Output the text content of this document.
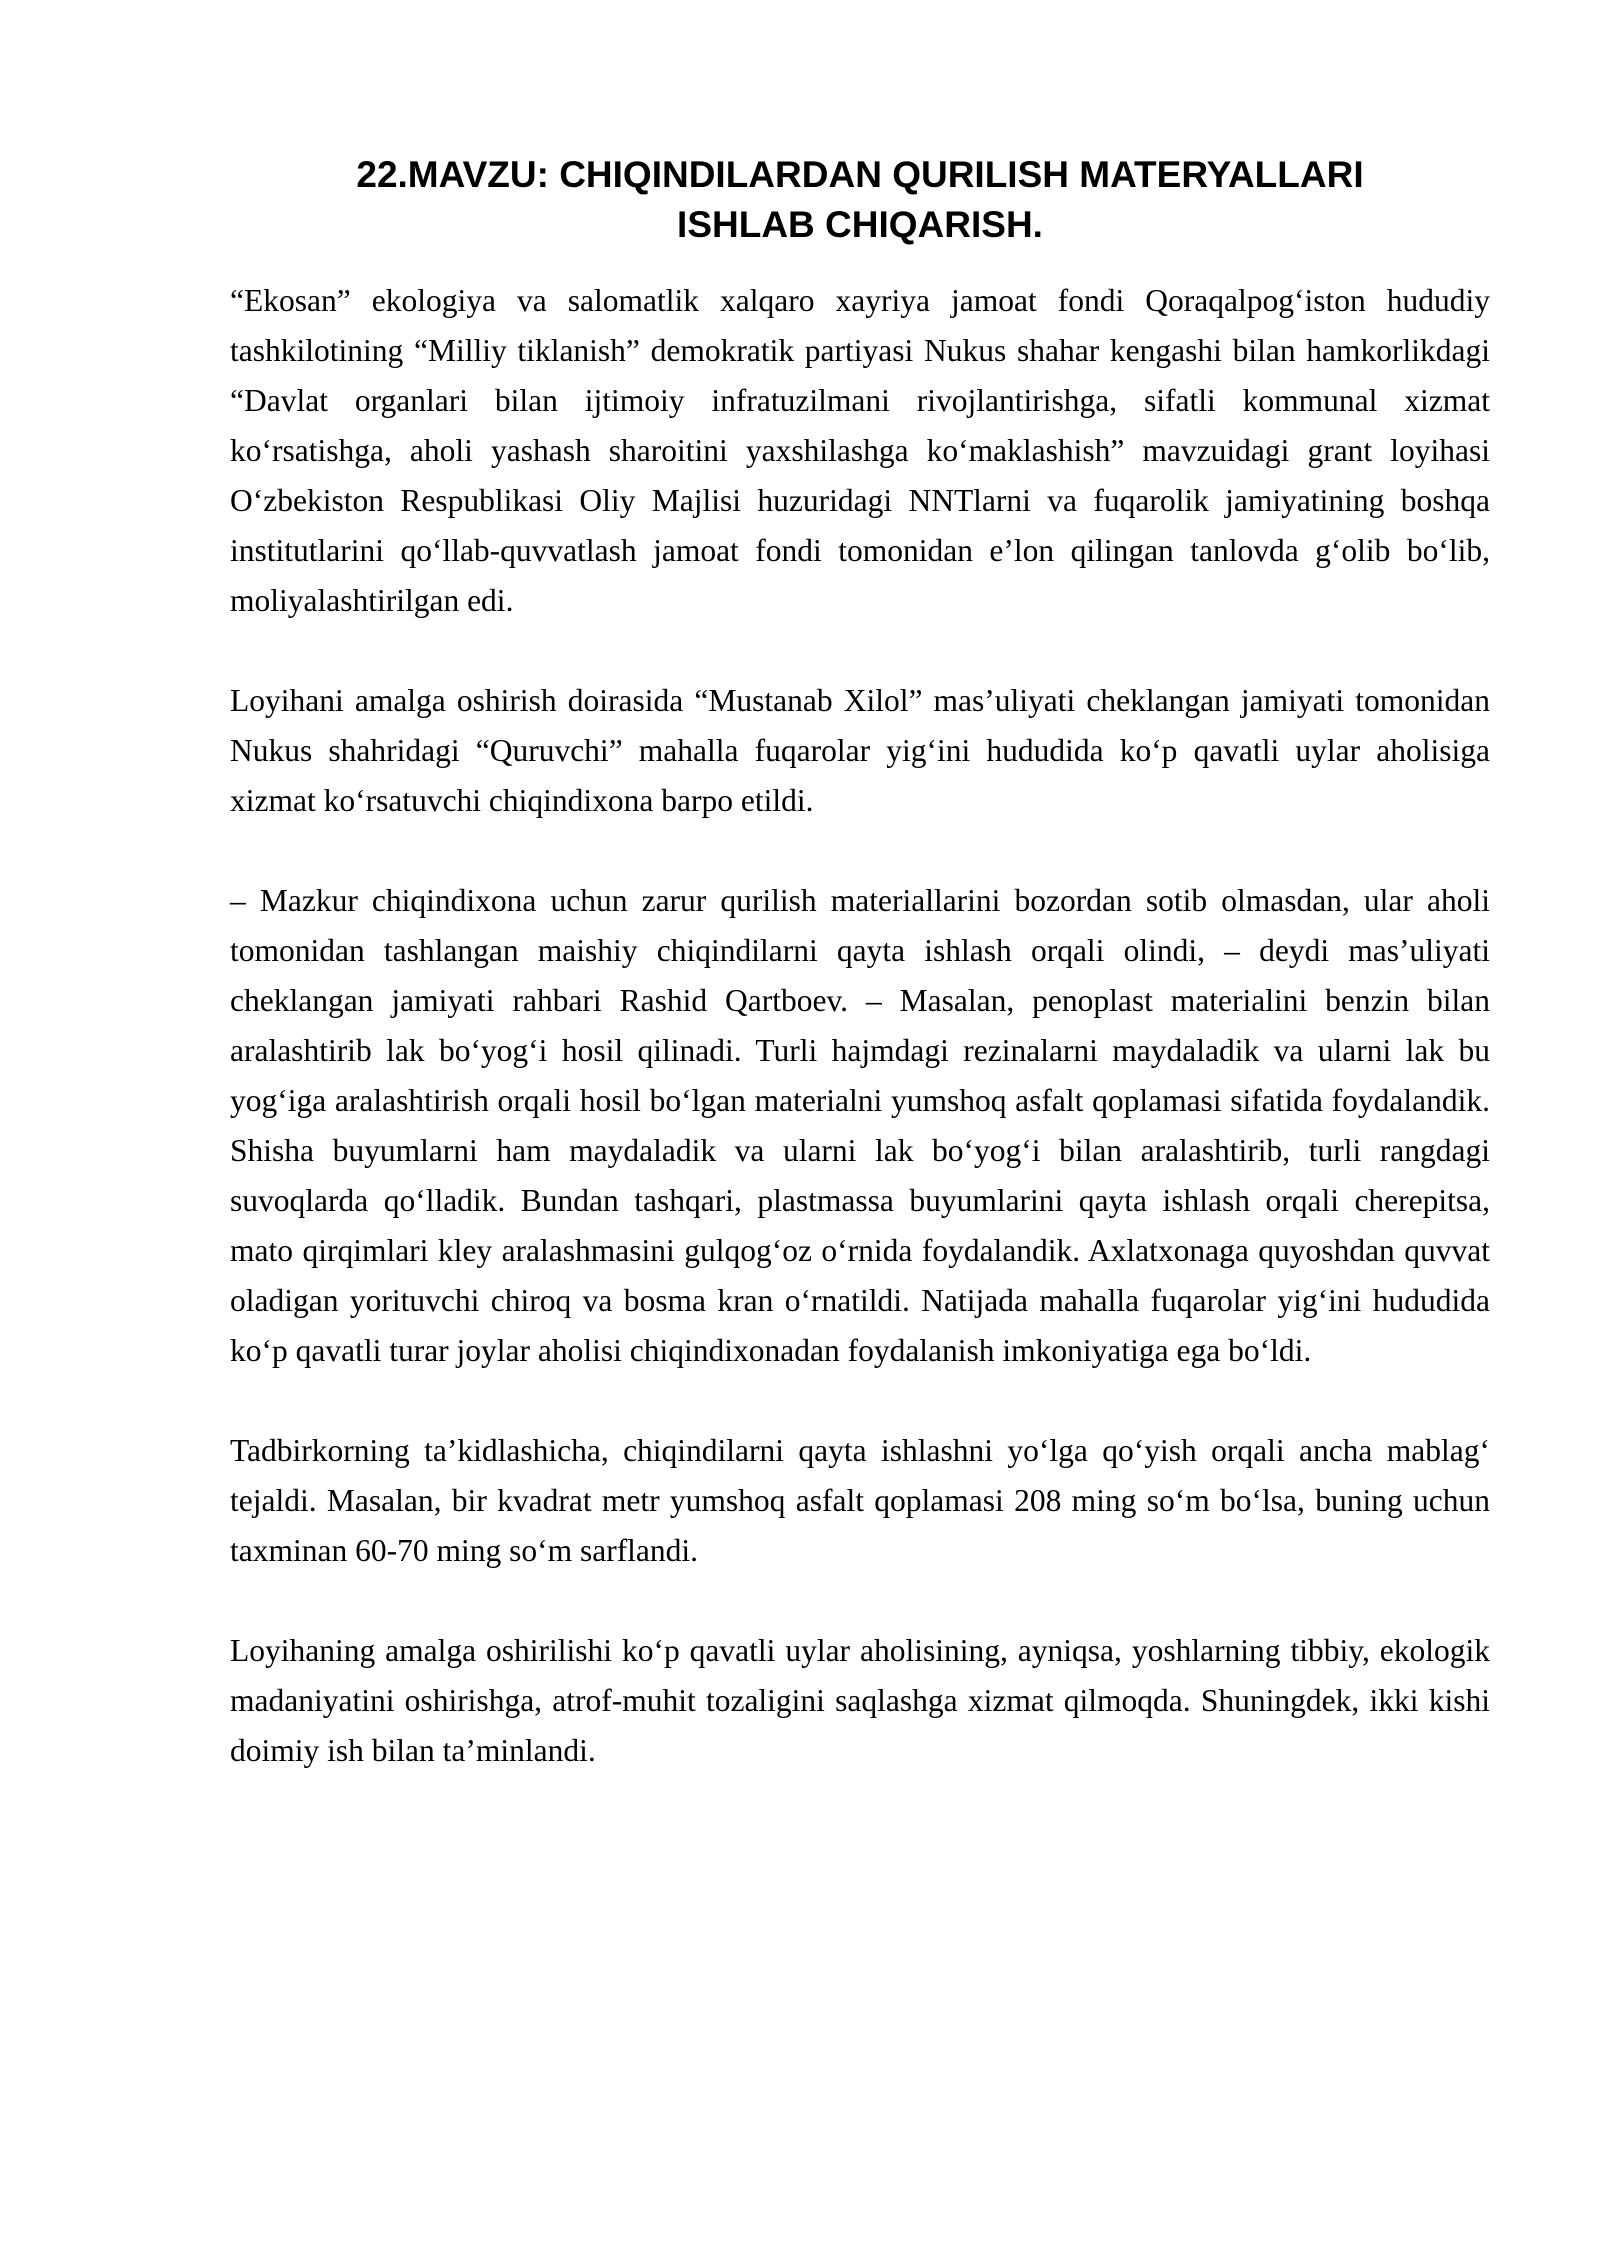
22.MAVZU: CHIQINDILARDAN QURILISH MATERYALLARI
ISHLAB CHIQARISH.

“Ekosan” ekologiya va salomatlik xalqaro xayriya jamoat fondi Qoraqalpog‘iston hududiy tashkilotining “Milliy tiklanish” demokratik partiyasi Nukus shahar kengashi bilan hamkorlikdagi “Davlat organlari bilan ijtimoiy infratuzilmani rivojlantirishga, sifatli kommunal xizmat ko‘rsatishga, aholi yashash sharoitini yaxshilashga ko‘maklashish” mavzuidagi grant loyihasi O‘zbekiston Respublikasi Oliy Majlisi huzuridagi NNTlarni va fuqarolik jamiyatining boshqa institutlarini qo‘llab-quvvatlash jamoat fondi tomonidan e’lon qilingan tanlovda g‘olib bo‘lib, moliyalashtirilgan edi.

Loyihani amalga oshirish doirasida “Mustanab Xilol” mas’uliyati cheklangan jamiyati tomonidan Nukus shahridagi “Quruvchi” mahalla fuqarolar yig‘ini hududida ko‘p qavatli uylar aholisiga xizmat ko‘rsatuvchi chiqindixona barpo etildi.

– Mazkur chiqindixona uchun zarur qurilish materiallarini bozordan sotib olmasdan, ular aholi tomonidan tashlangan maishiy chiqindilarni qayta ishlash orqali olindi, – deydi mas’uliyati cheklangan jamiyati rahbari Rashid Qartboev. – Masalan, penoplast materialini benzin bilan aralashtirib lak bo‘yog‘i hosil qilinadi. Turli hajmdagi rezinalarni maydaladik va ularni lak bu yog‘iga aralashtirish orqali hosil bo‘lgan materialni yumshoq asfalt qoplamasi sifatida foydalandik. Shisha buyumlarni ham maydaladik va ularni lak bo‘yog‘i bilan aralashtirib, turli rangdagi suvoqlarda qo‘lladik. Bundan tashqari, plastmassa buyumlarini qayta ishlash orqali cherepitsa, mato qirqimlari kley aralashmasini gulqog‘oz o‘rnida foydalandik. Axlatxonaga quyoshdan quvvat oladigan yorituvchi chiroq va bosma kran o‘rnatildi. Natijada mahalla fuqarolar yig‘ini hududida ko‘p qavatli turar joylar aholisi chiqindixonadan foydalanish imkoniyatiga ega bo‘ldi.

Tadbirkorning ta’kidlashicha, chiqindilarni qayta ishlashni yo‘lga qo‘yish orqali ancha mablag‘ tejaldi. Masalan, bir kvadrat metr yumshoq asfalt qoplamasi 208 ming so‘m bo‘lsa, buning uchun taxminan 60-70 ming so‘m sarflandi.

Loyihaning amalga oshirilishi ko‘p qavatli uylar aholisining, ayniqsa, yoshlarning tibbiy, ekologik madaniyatini oshirishga, atrof-muhit tozaligini saqlashga xizmat qilmoqda. Shuningdek, ikki kishi doimiy ish bilan ta’minlandi.
